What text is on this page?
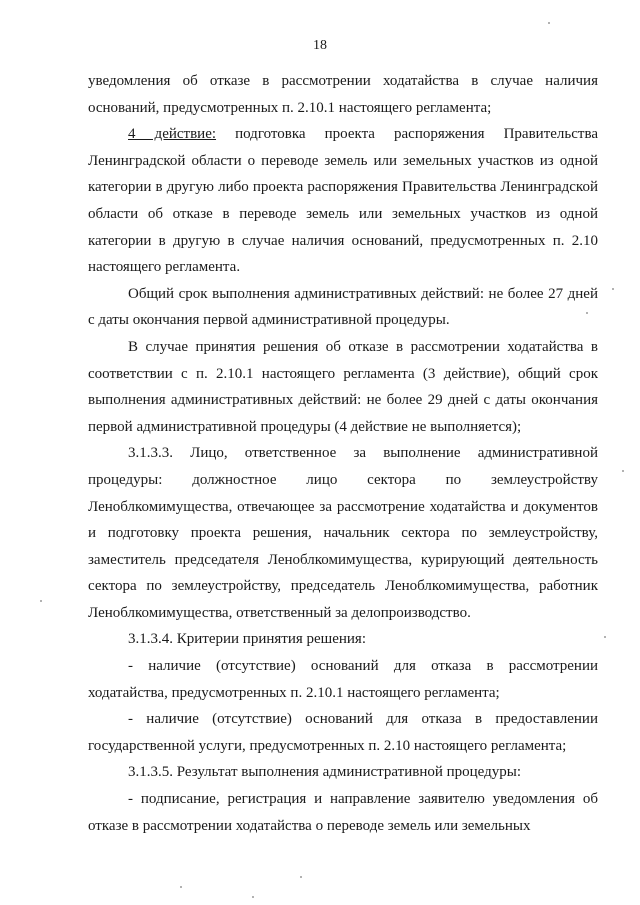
18

уведомления об отказе в рассмотрении ходатайства в случае наличия оснований, предусмотренных п. 2.10.1 настоящего регламента;

4 действие: подготовка проекта распоряжения Правительства Ленинградской области о переводе земель или земельных участков из одной категории в другую либо проекта распоряжения Правительства Ленинградской области об отказе в переводе земель или земельных участков из одной категории в другую в случае наличия оснований, предусмотренных п. 2.10 настоящего регламента.

Общий срок выполнения административных действий: не более 27 дней с даты окончания первой административной процедуры.

В случае принятия решения об отказе в рассмотрении ходатайства в соответствии с п. 2.10.1 настоящего регламента (3 действие), общий срок выполнения административных действий: не более 29 дней с даты окончания первой административной процедуры (4 действие не выполняется);

3.1.3.3. Лицо, ответственное за выполнение административной процедуры: должностное лицо сектора по землеустройству Леноблкомимущества, отвечающее за рассмотрение ходатайства и документов и подготовку проекта решения, начальник сектора по землеустройству, заместитель председателя Леноблкомимущества, курирующий деятельность сектора по землеустройству, председатель Леноблкомимущества, работник Леноблкомимущества, ответственный за делопроизводство.

3.1.3.4. Критерии принятия решения:

- наличие (отсутствие) оснований для отказа в рассмотрении ходатайства, предусмотренных п. 2.10.1 настоящего регламента;

- наличие (отсутствие) оснований для отказа в предоставлении государственной услуги, предусмотренных п. 2.10 настоящего регламента;

3.1.3.5. Результат выполнения административной процедуры:

- подписание, регистрация и направление заявителю уведомления об отказе в рассмотрении ходатайства о переводе земель или земельных
